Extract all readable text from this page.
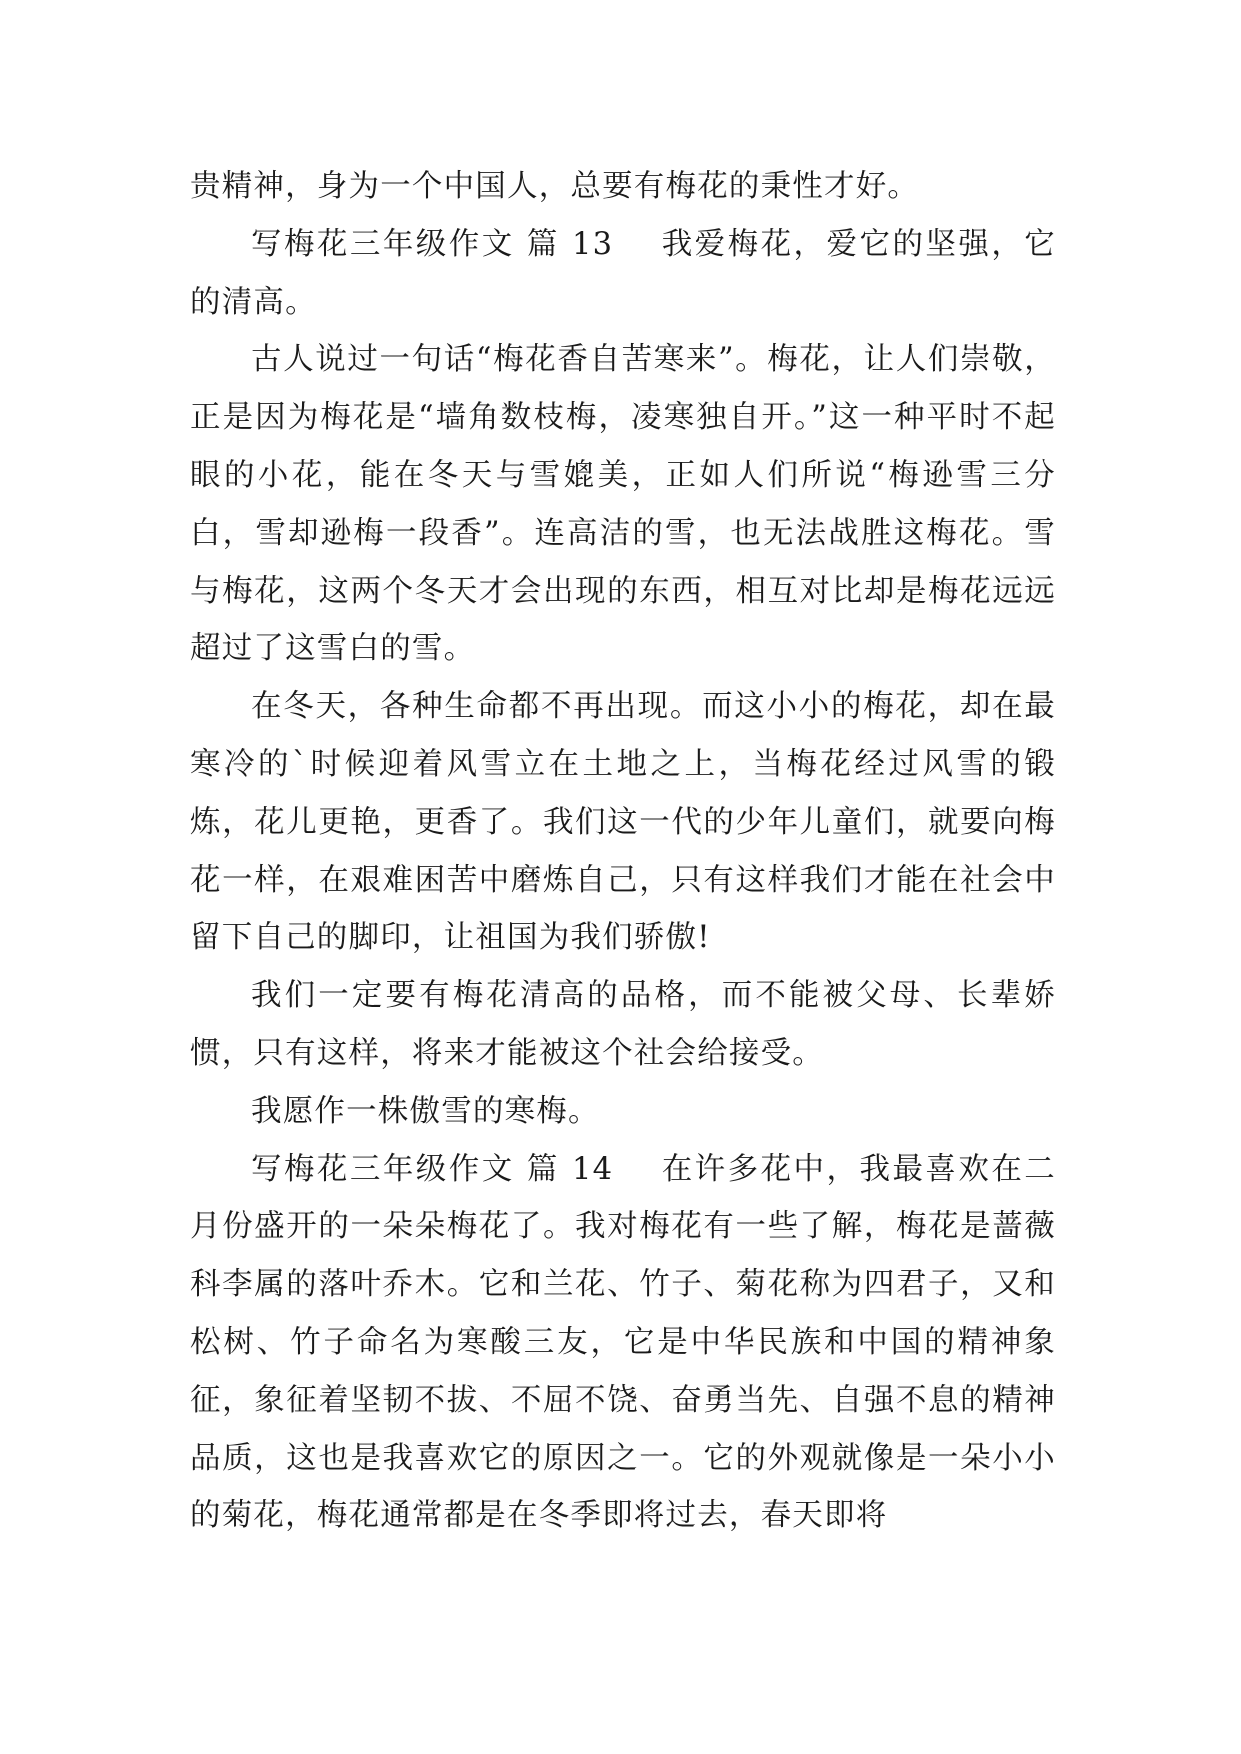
贵精神，身为一个中国人，总要有梅花的秉性才好。

写梅花三年级作文 篇 13 我爱梅花，爱它的坚强，它的清高。

古人说过一句话“梅花香自苦寒来”。梅花，让人们崇敬，正是因为梅花是“墙角数枝梅，凌寒独自开。”这一种平时不起眼的小花，能在冬天与雪媲美，正如人们所说“梅逊雪三分白，雪却逊梅一段香”。连高洁的雪，也无法战胜这梅花。雪与梅花，这两个冬天才会出现的东西，相互对比却是梅花远远超过了这雪白的雪。

在冬天，各种生命都不再出现。而这小小的梅花，却在最寒冷的`时候迎着风雪立在土地之上，当梅花经过风雪的锻炼，花儿更艳，更香了。我们这一代的少年儿童们，就要向梅花一样，在艰难困苦中磨炼自己，只有这样我们才能在社会中留下自己的脚印，让祖国为我们骄傲!

我们一定要有梅花清高的品格，而不能被父母、长辈娇惯，只有这样，将来才能被这个社会给接受。

我愿作一株傲雪的寒梅。

写梅花三年级作文 篇 14 在许多花中，我最喜欢在二月份盛开的一朵朵梅花了。我对梅花有一些了解，梅花是蔷薇科李属的落叶乔木。它和兰花、竹子、菊花称为四君子，又和松树、竹子命名为寒酸三友，它是中华民族和中国的精神象征，象征着坚韧不拔、不屈不饶、奋勇当先、自强不息的精神品质，这也是我喜欢它的原因之一。它的外观就像是一朵小小的菊花，梅花通常都是在冬季即将过去，春天即将
